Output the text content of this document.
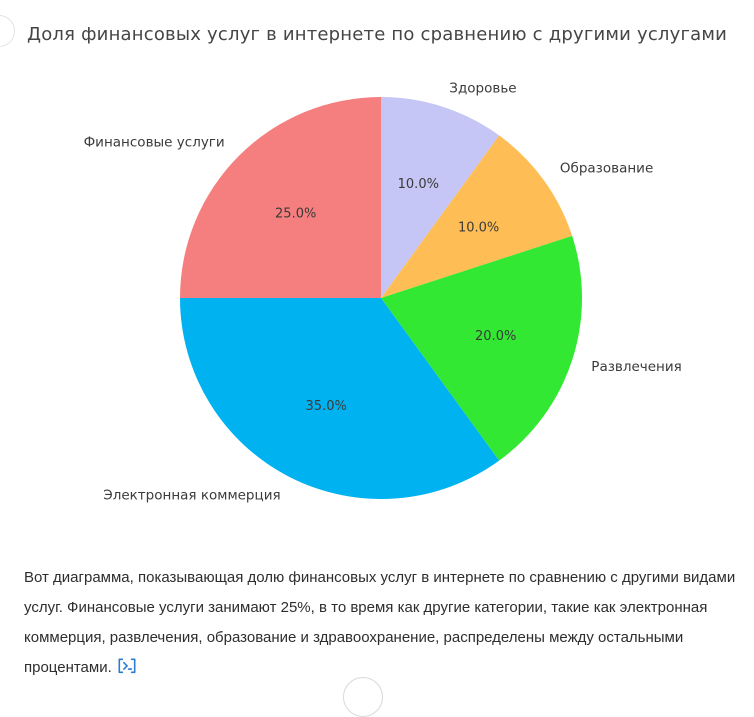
Доля финансовых услуг в интернете по сравнению с другими услугами
10.0%
Здоровье
10.0%
Образование
20.0%
Развлечения
35.0%
Электронная коммерция
25.0%
Финансовые услуги
Вот диаграмма, показывающая долю финансовых услуг в интернете по сравнению с другими видами услуг. Финансовые услуги занимают 25%, в то время как другие категории, такие как электронная коммерция, развлечения, образование и здравоохранение, распределены между остальными процентами.
